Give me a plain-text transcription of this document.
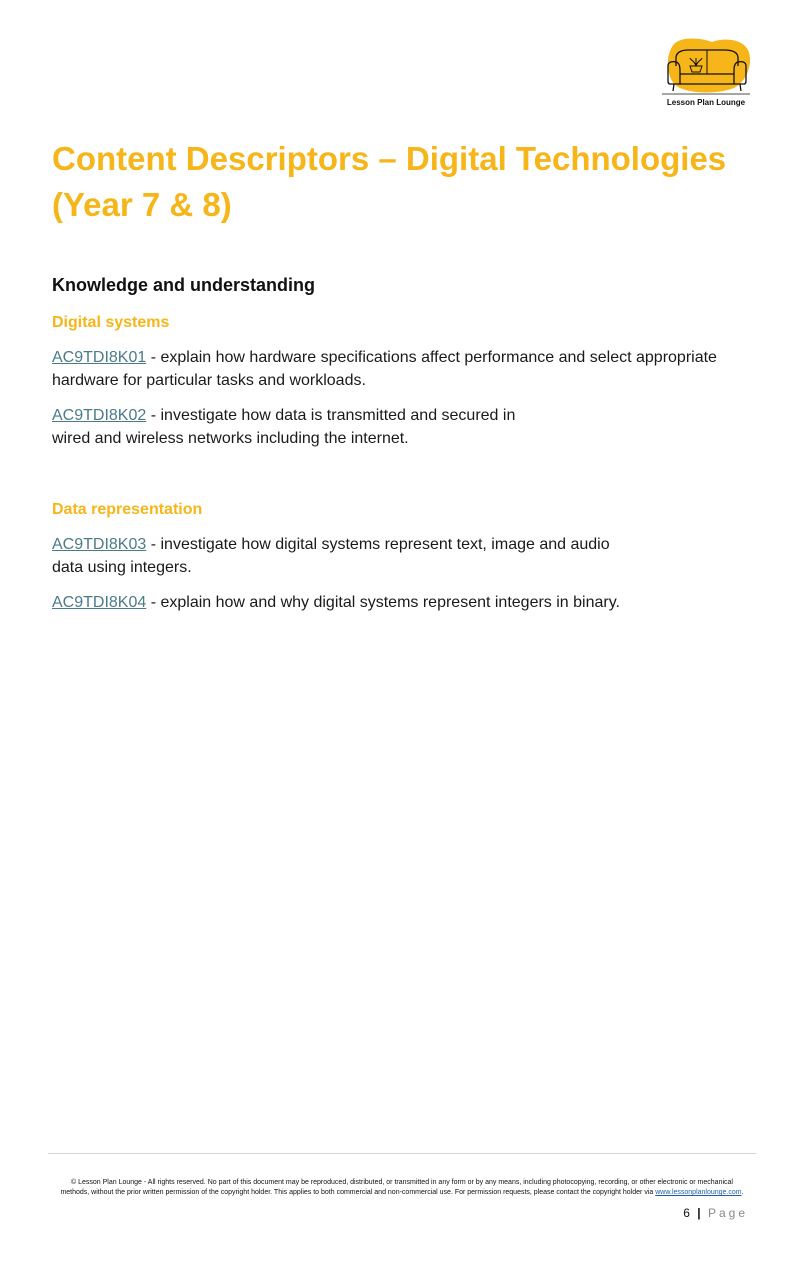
Lesson Plan Lounge
Content Descriptors – Digital Technologies (Year 7 & 8)
Knowledge and understanding
Digital systems

AC9TDI8K01 - explain how hardware specifications affect performance and select appropriate hardware for particular tasks and workloads.

AC9TDI8K02 - investigate how data is transmitted and secured in wired and wireless networks including the internet.

Data representation

AC9TDI8K03 - investigate how digital systems represent text, image and audio data using integers.

AC9TDI8K04 - explain how and why digital systems represent integers in binary.

© Lesson Plan Lounge - All rights reserved. No part of this document may be reproduced, distributed, or transmitted in any form or by any means, including photocopying, recording, or other electronic or mechanical methods, without the prior written permission of the copyright holder. This applies to both commercial and non-commercial use. For permission requests, please contact the copyright holder via www.lessonplanlounge.com.

6 | Page
